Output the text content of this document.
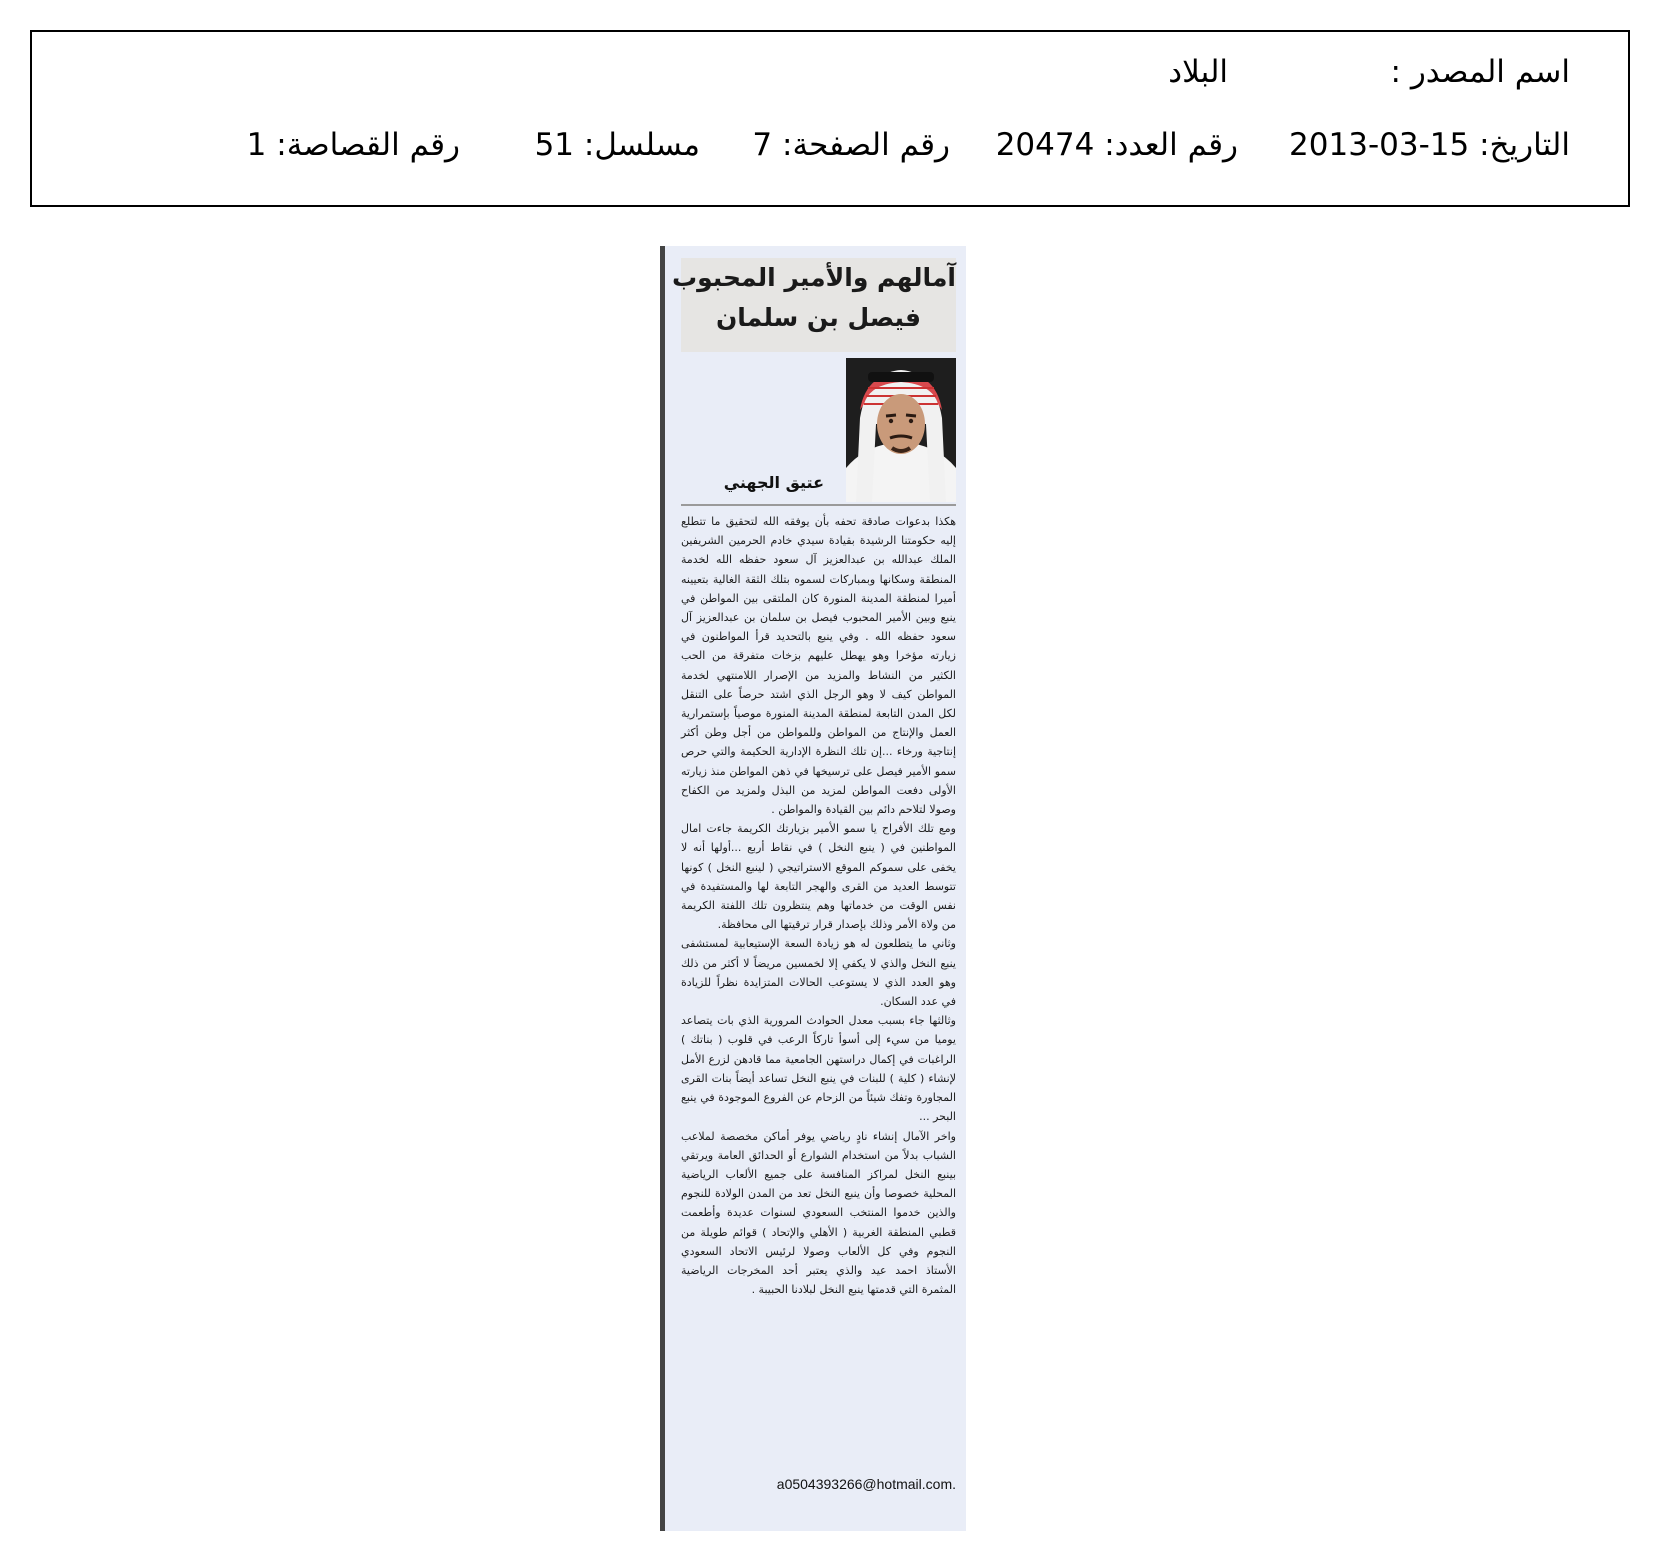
اسم المصدر :
البلاد
التاريخ: 2013-03-15
رقم العدد: 20474
رقم الصفحة: 7
مسلسل: 51
رقم القصاصة: 1
آمالهم والأمير المحبوب
فيصل بن سلمان
عتيق الجهني

هكذا بدعوات صادقة تحفه بأن يوفقه الله لتحقيق ما تتطلع إليه حكومتنا الرشيدة بقيادة سيدي خادم الحرمين الشريفين الملك عبدالله بن عبدالعزيز آل سعود حفظه الله لخدمة المنطقة وسكانها وبمباركات لسموه بتلك الثقة الغالية بتعيينه أميرا لمنطقة المدينة المنورة كان الملتقى بين المواطن في ينبع وبين الأمير المحبوب فيصل بن سلمان بن عبدالعزيز آل سعود حفظه الله . وفي ينبع بالتحديد قرأ المواطنون في زيارته مؤخرا وهو يهطل عليهم بزخات متفرقة من الحب الكثير من النشاط والمزيد من الإصرار اللامنتهي لخدمة المواطن كيف لا وهو الرجل الذي اشتد حرصاً على التنقل لكل المدن التابعة لمنطقة المدينة المنورة موصياً بإستمرارية العمل والإنتاج من المواطن وللمواطن من أجل وطن أكثر إنتاجية ورخاء ...إن تلك النظرة الإدارية الحكيمة والتي حرص سمو الأمير فيصل على ترسيخها في ذهن المواطن منذ زيارته الأولى دفعت المواطن لمزيد من البذل ولمزيد من الكفاح وصولا لتلاحم دائم بين القيادة والمواطن .

ومع تلك الأفراح يا سمو الأمير بزيارتك الكريمة جاءت امال المواطنين في ( ينبع النخل ) في نقاط أربع ...أولها أنه لا يخفى على سموكم الموقع الاستراتيجي ( لينبع النخل ) كونها تتوسط العديد من القرى والهجر التابعة لها والمستفيدة في نفس الوقت من خدماتها وهم ينتظرون تلك اللفتة الكريمة من ولاة الأمر وذلك بإصدار قرار ترقيتها الى محافظة.

وثاني ما يتطلعون له هو زيادة السعة الإستيعابية لمستشفى ينبع النخل والذي لا يكفي إلا لخمسين مريضاً لا أكثر من ذلك وهو العدد الذي لا يستوعب الحالات المتزايدة نظراً للزيادة في عدد السكان.

وثالثها جاء بسبب معدل الحوادث المرورية الذي بات يتصاعد يوميا من سيء إلى أسوأ تاركاً الرعب في قلوب ( بناتك ) الراغبات في إكمال دراستهن الجامعية مما قادهن لزرع الأمل لإنشاء ( كلية ) للبنات في ينبع النخل تساعد أيضاً بنات القرى المجاورة وتفك شيئاً من الزحام عن الفروع الموجودة في ينبع البحر ...

واخر الآمال إنشاء نادٍ رياضي يوفر أماكن مخصصة لملاعب الشباب بدلاً من استخدام الشوارع أو الحدائق العامة ويرتقي بينبع النخل لمراكز المنافسة على جميع الألعاب الرياضية المحلية خصوصا وأن ينبع النخل تعد من المدن الولادة للنجوم والذين خدموا المنتخب السعودي لسنوات عديدة وأطعمت قطبي المنطقة الغربية ( الأهلي والإتحاد ) قوائم طويلة من النجوم وفي كل الألعاب وصولا لرئيس الاتحاد السعودي الأستاذ احمد عيد والذي يعتبر أحد المخرجات الرياضية المثمرة التي قدمتها ينبع النخل لبلادنا الحبيبة .

a0504393266@hotmail.com.
